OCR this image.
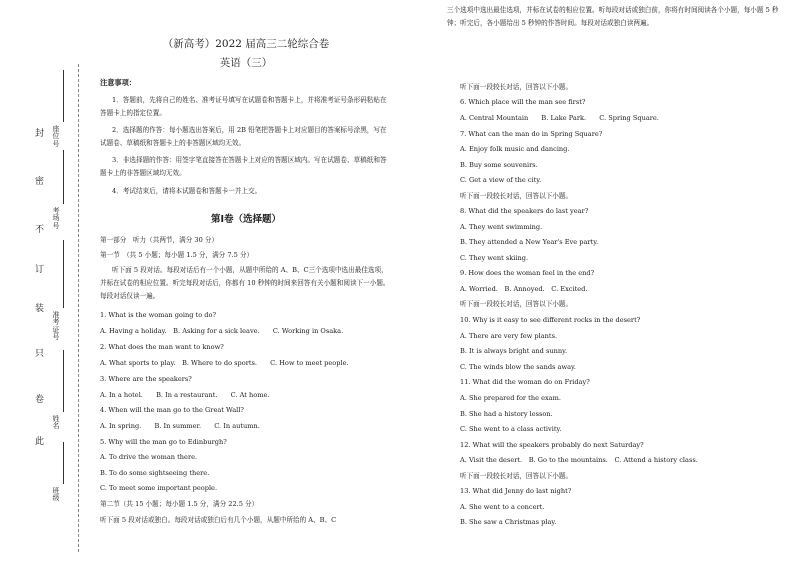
封
密
不
订
装
只
卷
此
座位号
考场号
准考证号
姓名
班级
（新高考）2022 届高三二轮综合卷
英语（三）
注意事项：
1．答题前，先将自己的姓名、准考证号填写在试题卷和答题卡上，并将准考证号条形码粘贴在答题卡上的指定位置。
2．选择题的作答：每小题选出答案后，用 2B 铅笔把答题卡上对应题目的答案标号涂黑，写在试题卷、草稿纸和答题卡上的非答题区域均无效。
3．非选择题的作答：用签字笔直接答在答题卡上对应的答题区域内。写在试题卷、草稿纸和答题卡上的非答题区域均无效。
4．考试结束后，请将本试题卷和答题卡一并上交。
第Ⅰ卷（选择题）
第一部分　听力（共两节，满分 30 分）
第一节　（共 5 小题；每小题 1.5 分，满分 7.5 分）
听下面 5 段对话。每段对话后有一个小题，从题中所给的 A、B、C三个选项中选出最佳选项，并标在试卷的相应位置。听完每段对话后，你都有 10 秒钟的时间来回答有关小题和阅读下一小题。每段对话仅读一遍。
1. What is the woman going to do?
A. Having a holiday.　B. Asking for a sick leave.　　C. Working in Osaka.
2. What does the man want to know?
A. What sports to play.　B. Where to do sports.　　C. How to meet people.
3. Where are the speakers?
A. In a hotel.　　B. In a restaurant.　　C. At home.
4. When will the man go to the Great Wall?
A. In spring.　　B. In summer.　　C. In autumn.
5. Why will the man go to Edinburgh?
A. To drive the woman there.
B. To do some sightseeing there.
C. To meet some important people.
第二节（共 15 小题；每小题 1.5 分，满分 22.5 分）
听下面 5 段对话或独白。每段对话或独白后有几个小题，从题中所给的 A、B、C
三个选项中选出最佳选项，并标在试卷的相应位置。听每段对话或独白前，你将有时间阅读各个小题，每小题 5 秒钟；听完后，各小题给出 5 秒钟的作答时间。每段对话或独白读两遍。
听下面一段较长对话，回答以下小题。
6. Which place will the man see first?
A. Central Mountain　　B. Lake Park.　　C. Spring Square.
7. What can the man do in Spring Square?
A. Enjoy folk music and dancing.
B. Buy some souvenirs.
C. Get a view of the city.
听下面一段较长对话，回答以下小题。
8. What did the speakers do last year?
A. They went swimming.
B. They attended a New Year's Eve party.
C. They went skiing.
9. How does the woman feel in the end?
A. Worried.　B. Annoyed.　C. Excited.
听下面一段较长对话，回答以下小题。
10. Why is it easy to see different rocks in the desert?
A. There are very few plants.
B. It is always bright and sunny.
C. The winds blow the sands away.
11. What did the woman do on Friday?
A. She prepared for the exam.
B. She had a history lesson.
C. She went to a class activity.
12. What will the speakers probably do next Saturday?
A. Visit the desert.　B. Go to the mountains.　C. Attend a history class.
听下面一段较长对话，回答以下小题。
13. What did Jenny do last night?
A. She went to a concert.
B. She saw a Christmas play.
